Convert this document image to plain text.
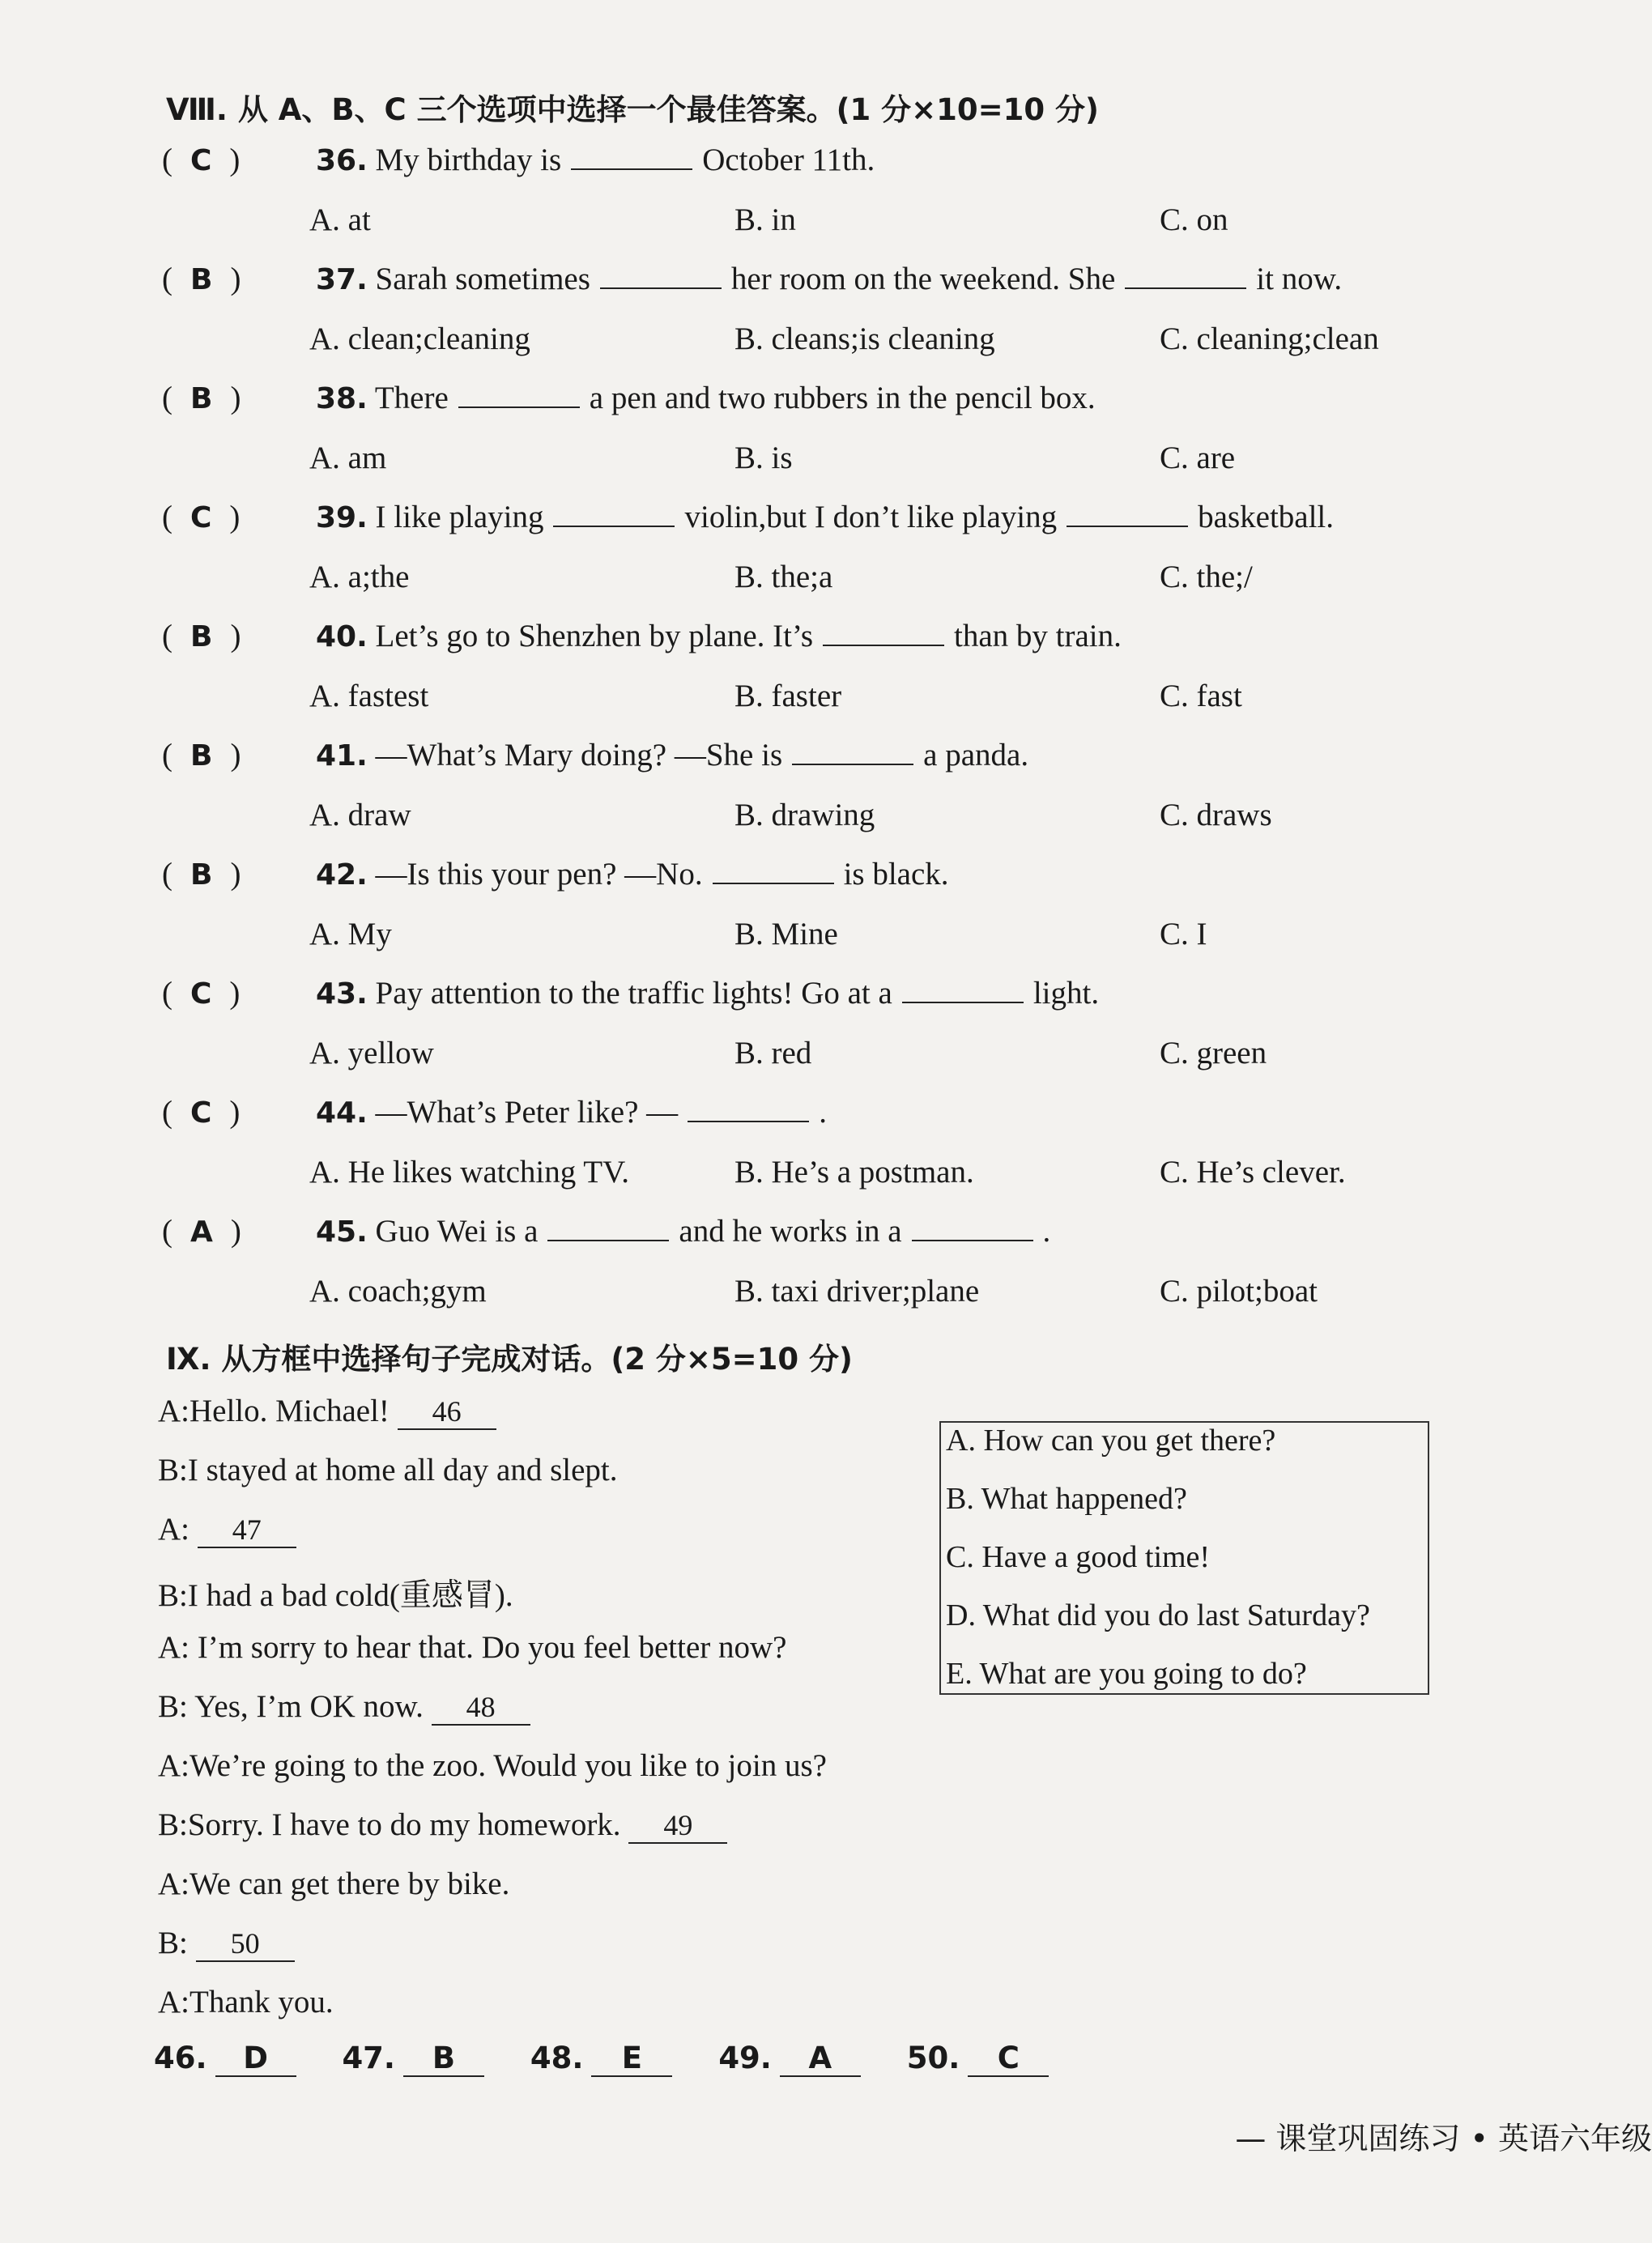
Ⅷ. 从 A、B、C 三个选项中选择一个最佳答案。(1 分×10=10 分)
( C )	36. My birthday is	October 11th.
A. at	B. in	C. on
( B )	37. Sarah sometimes	her room on the weekend. She	it now.
A. clean;cleaning	B. cleans;is cleaning	C. cleaning;clean
( B )	38. There	a pen and two rubbers in the pencil box.
A. am	B. is	C. are
( C )	39. I like playing	violin,but I don’t like playing	basketball.
A. a;the	B. the;a	C. the;/
( B )	40. Let’s go to Shenzhen by plane. It’s	than by train.
A. fastest	B. faster	C. fast
( B )	41. —What’s Mary doing? —She is	a panda.
A. draw	B. drawing	C. draws
( B )	42. —Is this your pen? —No.	is black.
A. My	B. Mine	C. I
( C )	43. Pay attention to the traffic lights! Go at a	light.
A. yellow	B. red	C. green
( C )	44. —What’s Peter like? —	.
A. He likes watching TV.	B. He’s a postman.	C. He’s clever.
( A )	45. Guo Wei is a	and he works in a	.
A. coach;gym	B. taxi driver;plane	C. pilot;boat
Ⅸ. 从方框中选择句子完成对话。(2 分×5=10 分)
A:Hello. Michael! 46
B:I stayed at home all day and slept.
A: 47
B:I had a bad cold(重感冒).
A: I’m sorry to hear that. Do you feel better now?
B: Yes, I’m OK now. 48
A:We’re going to the zoo. Would you like to join us?
B:Sorry. I have to do my homework. 49
A:We can get there by bike.
B: 50
A:Thank you.
A. How can you get there?
B. What happened?
C. Have a good time!
D. What did you do last Saturday?
E. What are you going to do?
46. D 47. B	48. E	49. A	50. C
— 课堂巩固练习 • 英语六年级
